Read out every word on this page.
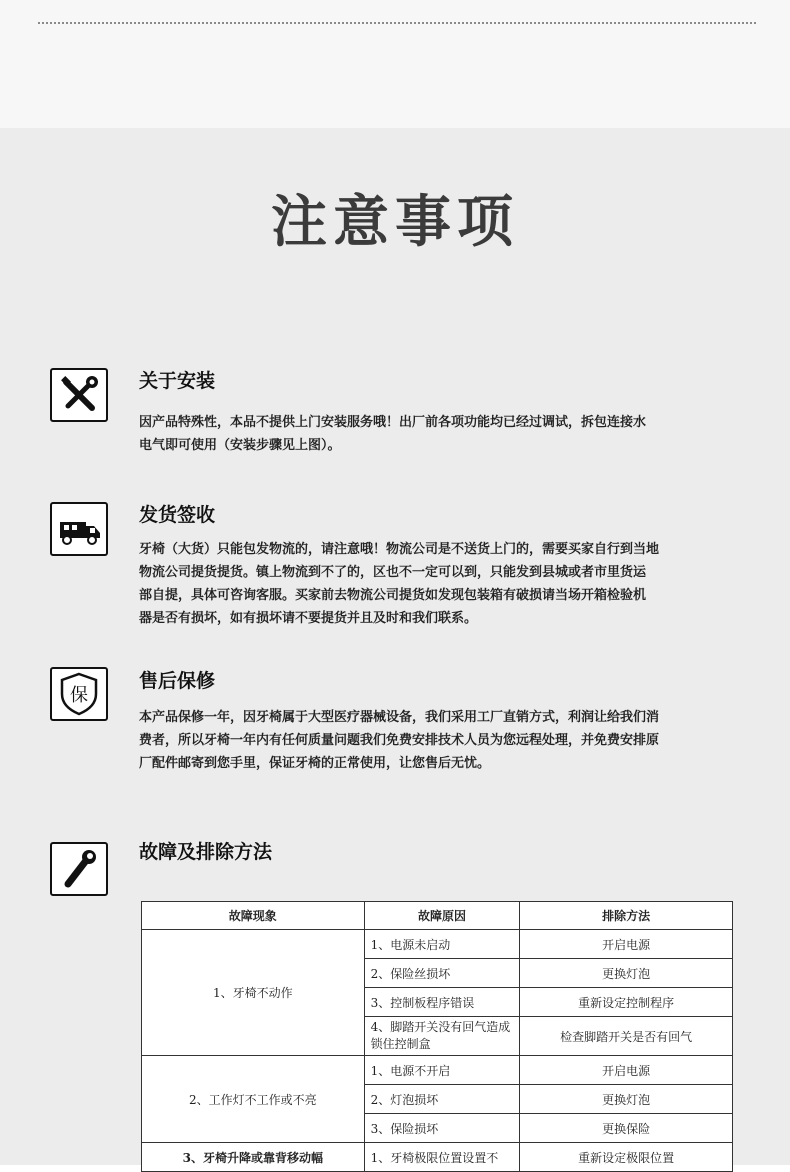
注意事项
关于安装

因产品特殊性，本品不提供上门安装服务哦！出厂前各项功能均已经过调试，拆包连接水

电气即可使用（安装步骤见上图）。

发货签收

牙椅（大货）只能包发物流的，请注意哦！物流公司是不送货上门的，需要买家自行到当地

物流公司提货提货。镇上物流到不了的，区也不一定可以到，只能发到县城或者市里货运

部自提，具体可咨询客服。买家前去物流公司提货如发现包装箱有破损请当场开箱检验机

器是否有损坏，如有损坏请不要提货并且及时和我们联系。

保
售后保修

本产品保修一年，因牙椅属于大型医疗器械设备，我们采用工厂直销方式，利润让给我们消

费者，所以牙椅一年内有任何质量问题我们免费安排技术人员为您远程处理，并免费安排原

厂配件邮寄到您手里，保证牙椅的正常使用，让您售后无忧。

故障及排除方法
故障现象	故障原因	排除方法
1、牙椅不动作	1、电源未启动	开启电源
	2、保险丝损坏	更换灯泡
	3、控制板程序错误	重新设定控制程序
	4、脚踏开关没有回气造成锁住控制盒	检查脚踏开关是否有回气
2、工作灯不工作或不亮	1、电源不开启	开启电源
	2、灯泡损坏	更换灯泡
	3、保险损坏	更换保险
3、牙椅升降或靠背移动幅	1、牙椅极限位置设置不	重新设定极限位置
